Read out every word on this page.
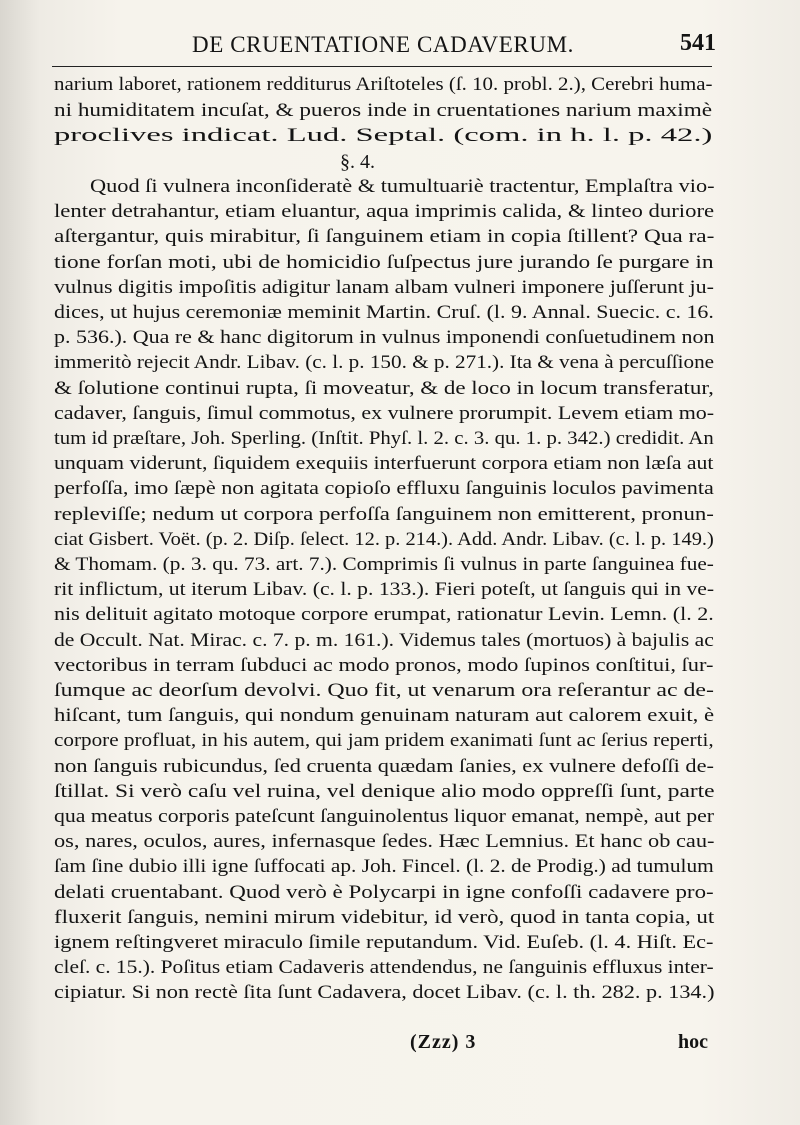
DE CRUENTATIONE CADAVERUM.	541
narium laboret, rationem redditurus Ariſtoteles (ſ. 10. probl. 2.), Cerebri huma-
ni humiditatem incuſat, & pueros inde in cruentationes narium maximè
proclives indicat. Lud. Septal. (com. in h. l. p. 42.)
§. 4.
Quod ſi vulnera inconſideratè & tumultuariè tractentur, Emplaſtra vio-
lenter detrahantur, etiam eluantur, aqua imprimis calida, & linteo duriore
aſtergantur, quis mirabitur, ſi ſanguinem etiam in copia ſtillent? Qua ra-
tione forſan moti, ubi de homicidio ſuſpectus jure jurando ſe purgare in
vulnus digitis impoſitis adigitur lanam albam vulneri imponere juſſerunt ju-
dices, ut hujus ceremoniæ meminit Martin. Cruſ. (l. 9. Annal. Suecic. c. 16.
p. 536.). Qua re & hanc digitorum in vulnus imponendi conſuetudinem non
immeritò rejecit Andr. Libav. (c. l. p. 150. & p. 271.). Ita & vena à percuſſione
& ſolutione continui rupta, ſi moveatur, & de loco in locum transferatur,
cadaver, ſanguis, ſimul commotus, ex vulnere prorumpit. Levem etiam mo-
tum id præſtare, Joh. Sperling. (Inſtit. Phyſ. l. 2. c. 3. qu. 1. p. 342.) credidit. An
unquam viderunt, ſiquidem exequiis interfuerunt corpora etiam non læſa aut
perfoſſa, imo ſæpè non agitata copioſo effluxu ſanguinis loculos pavimenta
repleviſſe; nedum ut corpora perfoſſa ſanguinem non emitterent, pronun-
ciat Gisbert. Voët. (p. 2. Diſp. ſelect. 12. p. 214.). Add. Andr. Libav. (c. l. p. 149.)
& Thomam. (p. 3. qu. 73. art. 7.). Comprimis ſi vulnus in parte ſanguinea fue-
rit inflictum, ut iterum Libav. (c. l. p. 133.). Fieri poteſt, ut ſanguis qui in ve-
nis delituit agitato motoque corpore erumpat, rationatur Levin. Lemn. (l. 2.
de Occult. Nat. Mirac. c. 7. p. m. 161.). Videmus tales (mortuos) à bajulis ac
vectoribus in terram ſubduci ac modo pronos, modo ſupinos conſtitui, ſur-
ſumque ac deorſum devolvi. Quo fit, ut venarum ora reſerantur ac de-
hiſcant, tum ſanguis, qui nondum genuinam naturam aut calorem exuit, è
corpore profluat, in his autem, qui jam pridem exanimati ſunt ac ſerius reperti,
non ſanguis rubicundus, ſed cruenta quædam ſanies, ex vulnere defoſſi de-
ſtillat. Si verò caſu vel ruina, vel denique alio modo oppreſſi ſunt, parte
qua meatus corporis pateſcunt ſanguinolentus liquor emanat, nempè, aut per
os, nares, oculos, aures, infernasque ſedes. Hæc Lemnius. Et hanc ob cau-
ſam ſine dubio illi igne ſuffocati ap. Joh. Fincel. (l. 2. de Prodig.) ad tumulum
delati cruentabant. Quod verò è Polycarpi in igne confoſſi cadavere pro-
fluxerit ſanguis, nemini mirum videbitur, id verò, quod in tanta copia, ut
ignem reſtingveret miraculo ſimile reputandum. Vid. Euſeb. (l. 4. Hiſt. Ec-
cleſ. c. 15.). Poſitus etiam Cadaveris attendendus, ne ſanguinis effluxus inter-
cipiatur. Si non rectè ſita ſunt Cadavera, docet Libav. (c. l. th. 282. p. 134.)
(Zzz) 3	hoc
